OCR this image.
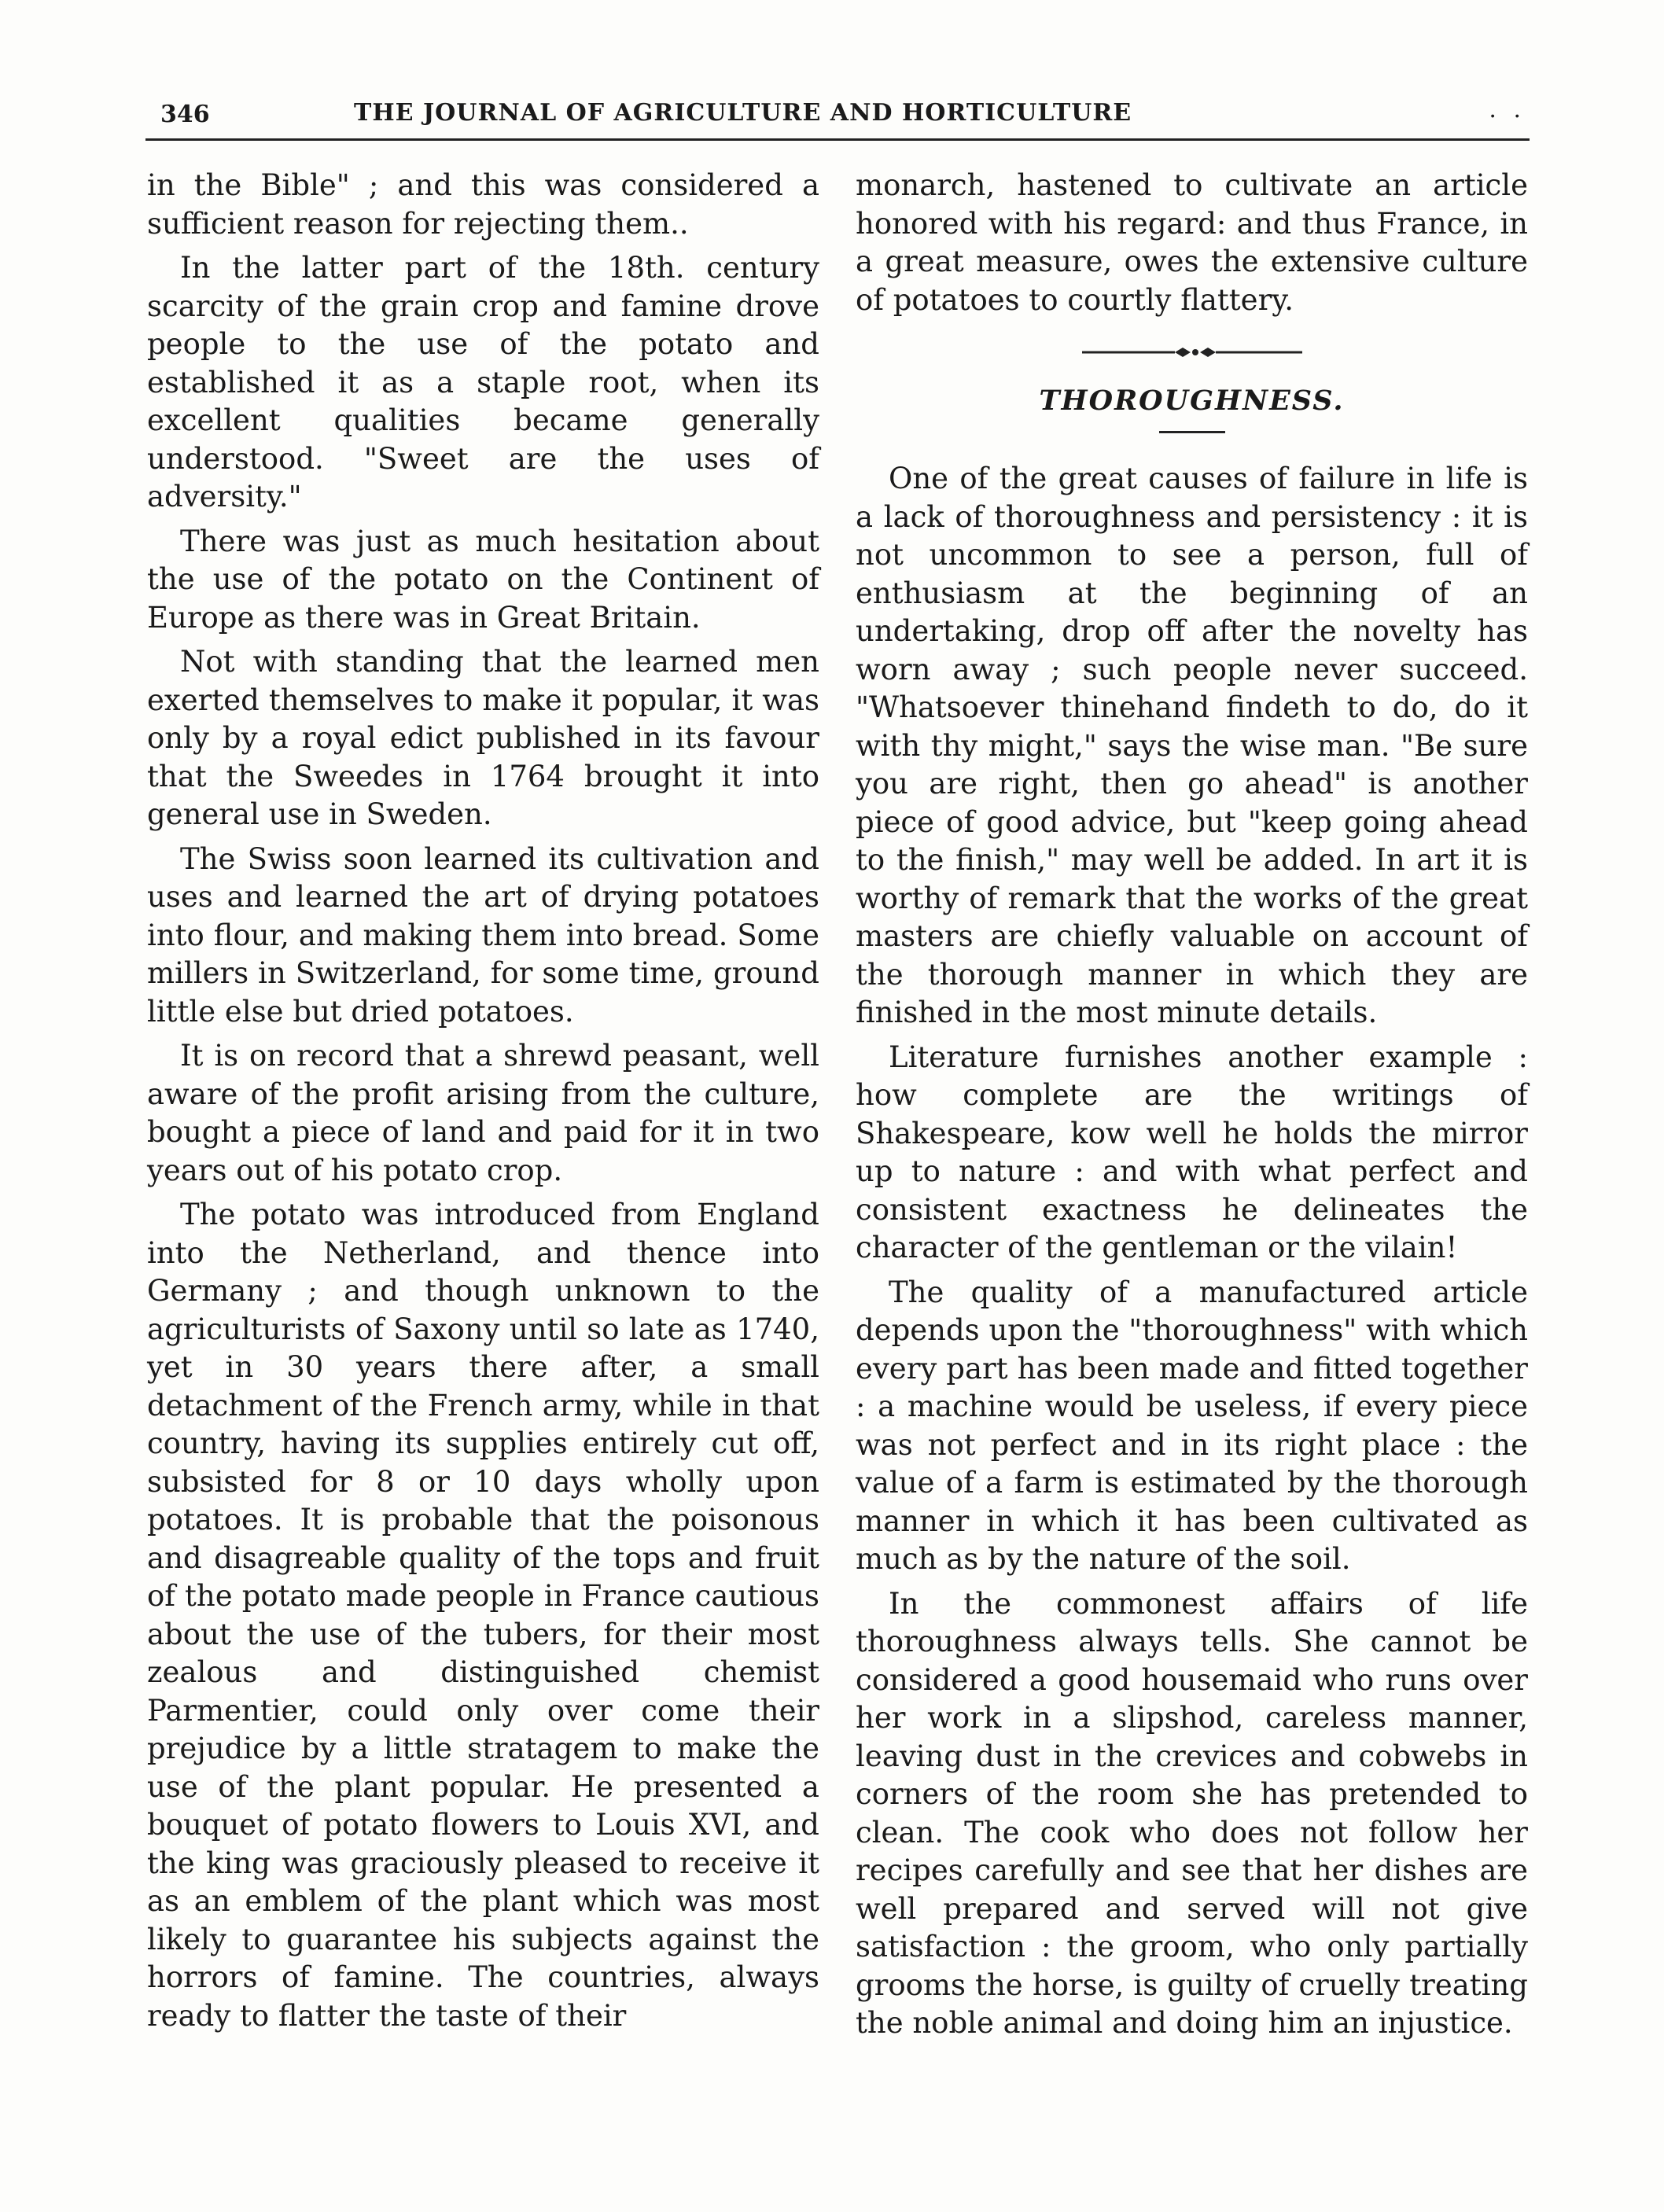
346	THE JOURNAL OF AGRICULTURE AND HORTICULTURE	. .

in the Bible" ; and this was considered a sufficient reason for rejecting them..

In the latter part of the 18th. century scarcity of the grain crop and famine drove people to the use of the potato and established it as a staple root, when its excellent qualities became generally understood. "Sweet are the uses of adversity."

There was just as much hesitation about the use of the potato on the Continent of Europe as there was in Great Britain.

Not with standing that the learned men exerted themselves to make it popular, it was only by a royal edict published in its favour that the Sweedes in 1764 brought it into general use in Sweden.

The Swiss soon learned its cultivation and uses and learned the art of drying potatoes into flour, and making them into bread. Some millers in Switzerland, for some time, ground little else but dried potatoes.

It is on record that a shrewd peasant, well aware of the profit arising from the culture, bought a piece of land and paid for it in two years out of his potato crop.

The potato was introduced from England into the Netherland, and thence into Germany ; and though unknown to the agriculturists of Saxony until so late as 1740, yet in 30 years there after, a small detachment of the French army, while in that country, having its supplies entirely cut off, subsisted for 8 or 10 days wholly upon potatoes. It is probable that the poisonous and disagreable quality of the tops and fruit of the potato made people in France cautious about the use of the tubers, for their most zealous and distinguished chemist Parmentier, could only over come their prejudice by a little stratagem to make the use of the plant popular. He presented a bouquet of potato flowers to Louis XVI, and the king was graciously pleased to receive it as an emblem of the plant which was most likely to guarantee his subjects against the horrors of famine. The countries, always ready to flatter the taste of their

monarch, hastened to cultivate an article honored with his regard: and thus France, in a great measure, owes the extensive culture of potatoes to courtly flattery.

THOROUGHNESS.

One of the great causes of failure in life is a lack of thoroughness and persistency : it is not uncommon to see a person, full of enthusiasm at the beginning of an undertaking, drop off after the novelty has worn away ; such people never succeed. "Whatsoever thinehand findeth to do, do it with thy might," says the wise man. "Be sure you are right, then go ahead" is another piece of good advice, but "keep going ahead to the finish," may well be added. In art it is worthy of remark that the works of the great masters are chiefly valuable on account of the thorough manner in which they are finished in the most minute details.

Literature furnishes another example : how complete are the writings of Shakespeare, kow well he holds the mirror up to nature : and with what perfect and consistent exactness he delineates the character of the gentleman or the vilain!

The quality of a manufactured article depends upon the "thoroughness" with which every part has been made and fitted together : a machine would be useless, if every piece was not perfect and in its right place : the value of a farm is estimated by the thorough manner in which it has been cultivated as much as by the nature of the soil.

In the commonest affairs of life thoroughness always tells. She cannot be considered a good housemaid who runs over her work in a slipshod, careless manner, leaving dust in the crevices and cobwebs in corners of the room she has pretended to clean. The cook who does not follow her recipes carefully and see that her dishes are well prepared and served will not give satisfaction : the groom, who only partially grooms the horse, is guilty of cruelly treating the noble animal and doing him an injustice.
